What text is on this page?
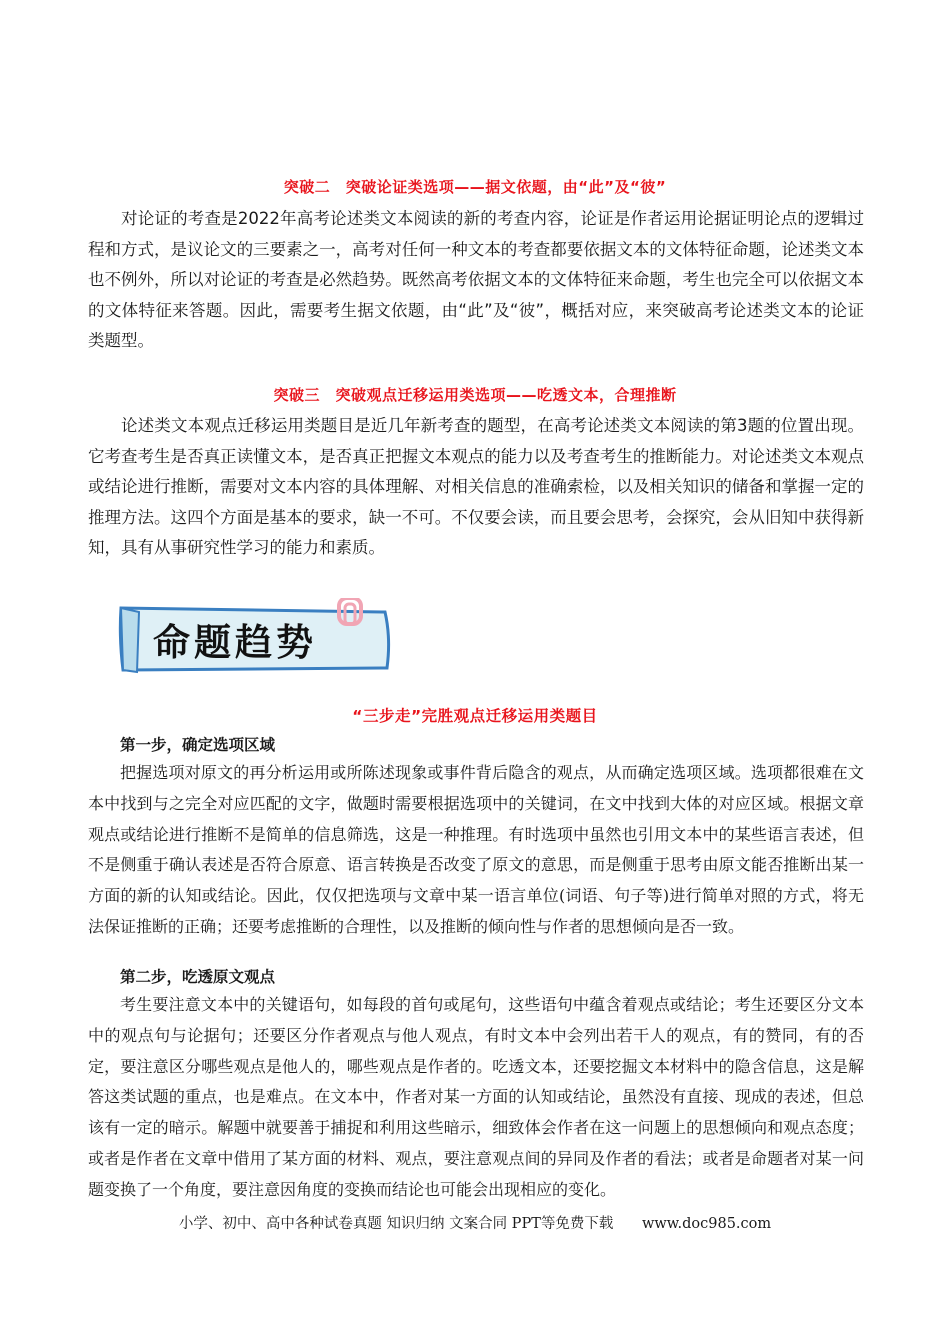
突破二　突破论证类选项——据文依题，由“此”及“彼”

对论证的考查是2022年高考论述类文本阅读的新的考查内容，论证是作者运用论据证明论点的逻辑过程和方式，是议论文的三要素之一，高考对任何一种文本的考查都要依据文本的文体特征命题，论述类文本也不例外，所以对论证的考查是必然趋势。既然高考依据文本的文体特征来命题，考生也完全可以依据文本的文体特征来答题。因此，需要考生据文依题，由“此”及“彼”，概括对应，来突破高考论述类文本的论证类题型。

突破三　突破观点迁移运用类选项——吃透文本，合理推断

论述类文本观点迁移运用类题目是近几年新考查的题型，在高考论述类文本阅读的第3题的位置出现。它考查考生是否真正读懂文本，是否真正把握文本观点的能力以及考查考生的推断能力。对论述类文本观点或结论进行推断，需要对文本内容的具体理解、对相关信息的准确索检，以及相关知识的储备和掌握一定的推理方法。这四个方面是基本的要求，缺一不可。不仅要会读，而且要会思考，会探究，会从旧知中获得新知，具有从事研究性学习的能力和素质。

命题趋势
“三步走”完胜观点迁移运用类题目
第一步，确定选项区域

把握选项对原文的再分析运用或所陈述现象或事件背后隐含的观点，从而确定选项区域。选项都很难在文本中找到与之完全对应匹配的文字，做题时需要根据选项中的关键词，在文中找到大体的对应区域。根据文章观点或结论进行推断不是简单的信息筛选，这是一种推理。有时选项中虽然也引用文本中的某些语言表述，但不是侧重于确认表述是否符合原意、语言转换是否改变了原文的意思，而是侧重于思考由原文能否推断出某一方面的新的认知或结论。因此，仅仅把选项与文章中某一语言单位(词语、句子等)进行简单对照的方式，将无法保证推断的正确；还要考虑推断的合理性，以及推断的倾向性与作者的思想倾向是否一致。

第二步，吃透原文观点

考生要注意文本中的关键语句，如每段的首句或尾句，这些语句中蕴含着观点或结论；考生还要区分文本中的观点句与论据句；还要区分作者观点与他人观点，有时文本中会列出若干人的观点，有的赞同，有的否定，要注意区分哪些观点是他人的，哪些观点是作者的。吃透文本，还要挖掘文本材料中的隐含信息，这是解答这类试题的重点，也是难点。在文本中，作者对某一方面的认知或结论，虽然没有直接、现成的表述，但总该有一定的暗示。解题中就要善于捕捉和利用这些暗示，细致体会作者在这一问题上的思想倾向和观点态度；或者是作者在文章中借用了某方面的材料、观点，要注意观点间的异同及作者的看法；或者是命题者对某一问题变换了一个角度，要注意因角度的变换而结论也可能会出现相应的变化。

小学、初中、高中各种试卷真题 知识归纳 文案合同 PPT等免费下载 www.doc985.com
